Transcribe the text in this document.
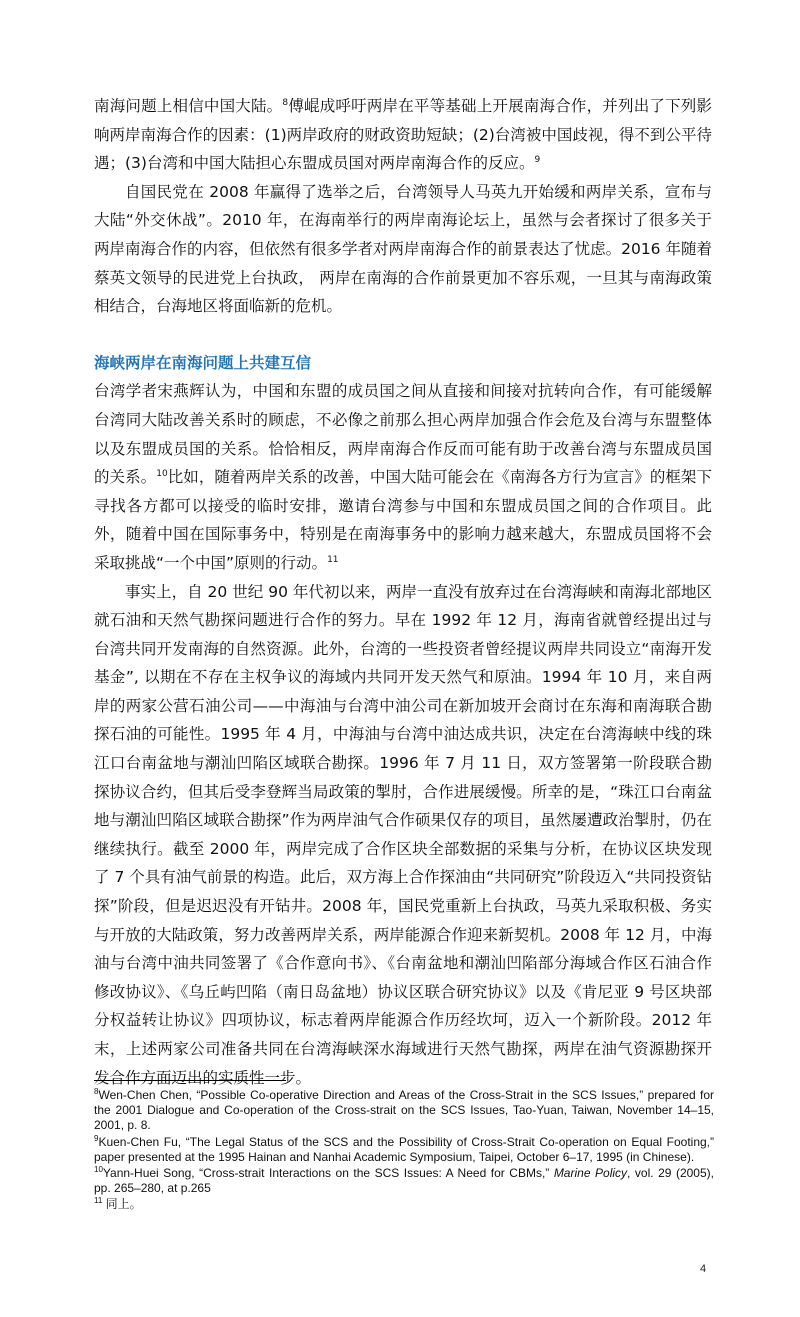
南海问题上相信中国大陆。$^8$傅崐成呼吁两岸在平等基础上开展南海合作，并列出了下列影响两岸南海合作的因素：(1)两岸政府的财政资助短缺；(2)台湾被中国歧视，得不到公平待遇；(3)台湾和中国大陆担心东盟成员国对两岸南海合作的反应。$^9$

自国民党在 2008 年赢得了选举之后，台湾领导人马英九开始缓和两岸关系，宣布与大陆“外交休战”。2010 年，在海南举行的两岸南海论坛上，虽然与会者探讨了很多关于两岸南海合作的内容，但依然有很多学者对两岸南海合作的前景表达了忧虑。2016 年随着蔡英文领导的民进党上台执政， 两岸在南海的合作前景更加不容乐观，一旦其与南海政策相结合，台海地区将面临新的危机。

海峡两岸在南海问题上共建互信

台湾学者宋燕辉认为，中国和东盟的成员国之间从直接和间接对抗转向合作，有可能缓解台湾同大陆改善关系时的顾虑，不必像之前那么担心两岸加强合作会危及台湾与东盟整体以及东盟成员国的关系。恰恰相反，两岸南海合作反而可能有助于改善台湾与东盟成员国的关系。$^{10}$比如，随着两岸关系的改善，中国大陆可能会在《南海各方行为宣言》的框架下寻找各方都可以接受的临时安排，邀请台湾参与中国和东盟成员国之间的合作项目。此外，随着中国在国际事务中，特别是在南海事务中的影响力越来越大，东盟成员国将不会采取挑战“一个中国”原则的行动。$^{11}$

事实上，自 20 世纪 90 年代初以来，两岸一直没有放弃过在台湾海峡和南海北部地区就石油和天然气勘探问题进行合作的努力。早在 1992 年 12 月，海南省就曾经提出过与台湾共同开发南海的自然资源。此外，台湾的一些投资者曾经提议两岸共同设立“南海开发基金”, 以期在不存在主权争议的海域内共同开发天然气和原油。1994 年 10 月，来自两岸的两家公营石油公司——中海油与台湾中油公司在新加坡开会商讨在东海和南海联合勘探石油的可能性。1995 年 4 月，中海油与台湾中油达成共识，决定在台湾海峡中线的珠江口台南盆地与潮汕凹陷区域联合勘探。1996 年 7 月 11 日，双方签署第一阶段联合勘探协议合约，但其后受李登辉当局政策的掣肘，合作进展缓慢。所幸的是，“珠江口台南盆地与潮汕凹陷区域联合勘探”作为两岸油气合作硕果仅存的项目，虽然屡遭政治掣肘，仍在继续执行。截至 2000 年，两岸完成了合作区块全部数据的采集与分析，在协议区块发现了 7 个具有油气前景的构造。此后，双方海上合作探油由“共同研究”阶段迈入“共同投资钻探”阶段，但是迟迟没有开钻井。2008 年，国民党重新上台执政，马英九采取积极、务实与开放的大陆政策，努力改善两岸关系，两岸能源合作迎来新契机。2008 年 12 月，中海油与台湾中油共同签署了《合作意向书》、《台南盆地和潮汕凹陷部分海域合作区石油合作修改协议》、《乌丘屿凹陷（南日岛盆地）协议区联合研究协议》以及《肯尼亚 9 号区块部分权益转让协议》四项协议，标志着两岸能源合作历经坎坷，迈入一个新阶段。2012 年末，上述两家公司准备共同在台湾海峡深水海域进行天然气勘探，两岸在油气资源勘探开发合作方面迈出的实质性一步。

$^8$Wen-Chen Chen, “Possible Co-operative Direction and Areas of the Cross-Strait in the SCS Issues,” prepared for the 2001 Dialogue and Co-operation of the Cross-strait on the SCS Issues, Tao-Yuan, Taiwan, November 14–15, 2001, p. 8.

$^9$Kuen-Chen Fu, “The Legal Status of the SCS and the Possibility of Cross-Strait Co-operation on Equal Footing,” paper presented at the 1995 Hainan and Nanhai Academic Symposium, Taipei, October 6–17, 1995 (in Chinese).

$^{10}$Yann-Huei Song, “Cross-strait Interactions on the SCS Issues: A Need for CBMs,” Marine Policy, vol. 29 (2005), pp. 265–280, at p.265

$^{11}$ 同上。

4
